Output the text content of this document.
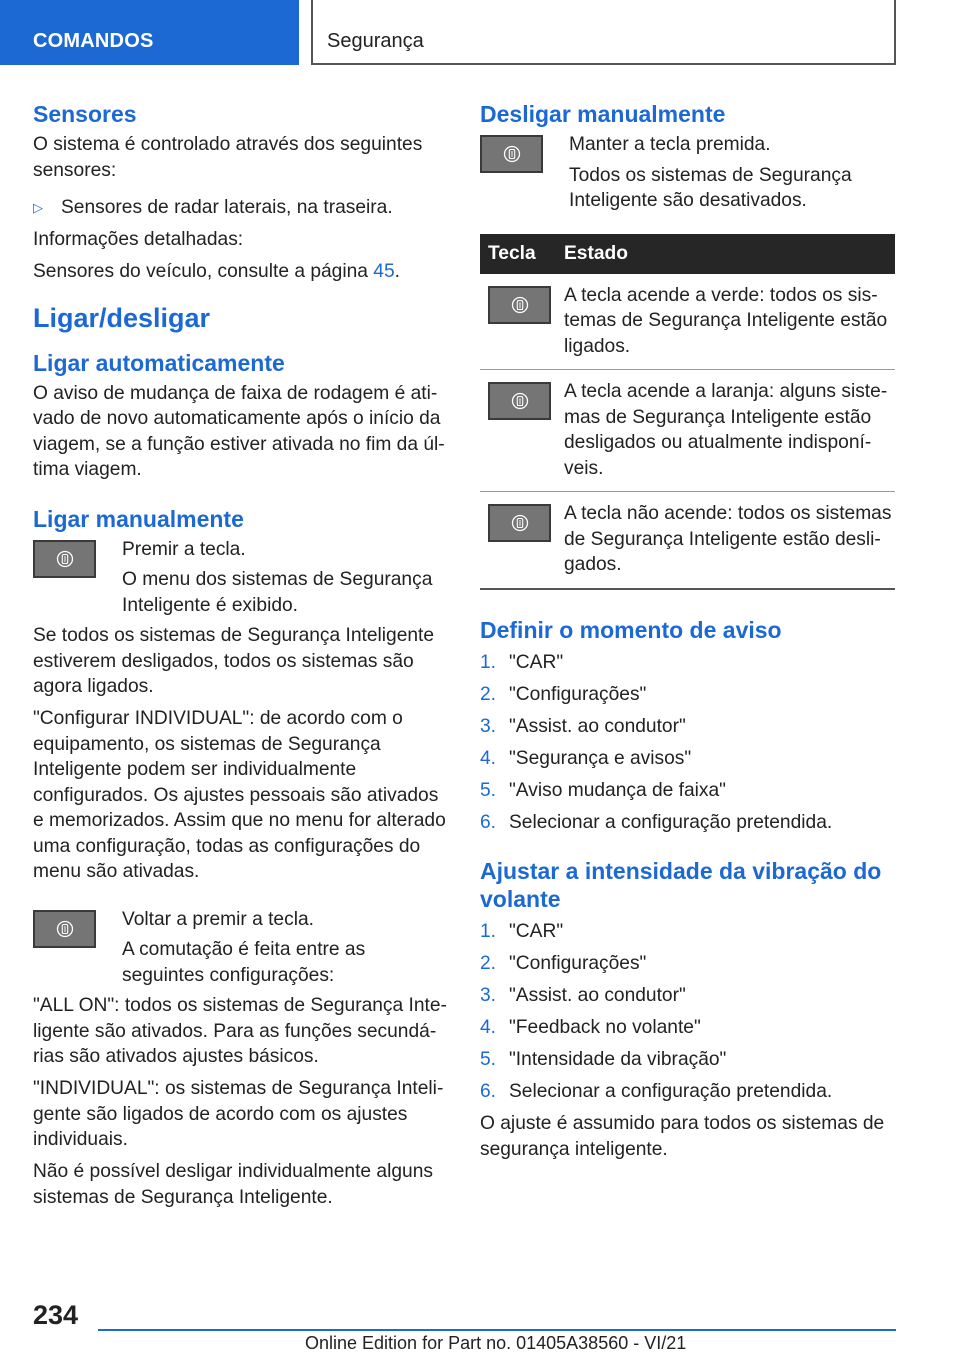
COMANDOS	Segurança
Sensores
O sistema é controlado através dos seguintes sensores:
▷ Sensores de radar laterais, na traseira.
Informações detalhadas:
Sensores do veículo, consulte a página 45.
Ligar/desligar
Ligar automaticamente
O aviso de mudança de faixa de rodagem é ativado de novo automaticamente após o início da viagem, se a função estiver ativada no fim da última viagem.
Ligar manualmente
Premir a tecla.
O menu dos sistemas de Segurança Inteligente é exibido.
Se todos os sistemas de Segurança Inteligente estiverem desligados, todos os sistemas são agora ligados.
"Configurar INDIVIDUAL": de acordo com o equipamento, os sistemas de Segurança Inteligente podem ser individualmente configurados. Os ajustes pessoais são ativados e memorizados. Assim que no menu for alterado uma configuração, todas as configurações do menu são ativadas.
Voltar a premir a tecla.
A comutação é feita entre as seguintes configurações:
"ALL ON": todos os sistemas de Segurança Inteligente são ativados. Para as funções secundárias são ativados ajustes básicos.
"INDIVIDUAL": os sistemas de Segurança Inteligente são ligados de acordo com os ajustes individuais.
Não é possível desligar individualmente alguns sistemas de Segurança Inteligente.
Desligar manualmente
Manter a tecla premida.
Todos os sistemas de Segurança Inteligente são desativados.
Tecla	Estado

	A tecla acende a verde: todos os sistemas de Segurança Inteligente estão ligados.

	A tecla acende a laranja: alguns sistemas de Segurança Inteligente estão desligados ou atualmente indisponíveis.

	A tecla não acende: todos os sistemas de Segurança Inteligente estão desligados.
Definir o momento de aviso
1. "CAR"
2. "Configurações"
3. "Assist. ao condutor"
4. "Segurança e avisos"
5. "Aviso mudança de faixa"
6. Selecionar a configuração pretendida.
Ajustar a intensidade da vibração do volante
1. "CAR"
2. "Configurações"
3. "Assist. ao condutor"
4. "Feedback no volante"
5. "Intensidade da vibração"
6. Selecionar a configuração pretendida.
O ajuste é assumido para todos os sistemas de segurança inteligente.
234
Online Edition for Part no. 01405A38560 - VI/21
